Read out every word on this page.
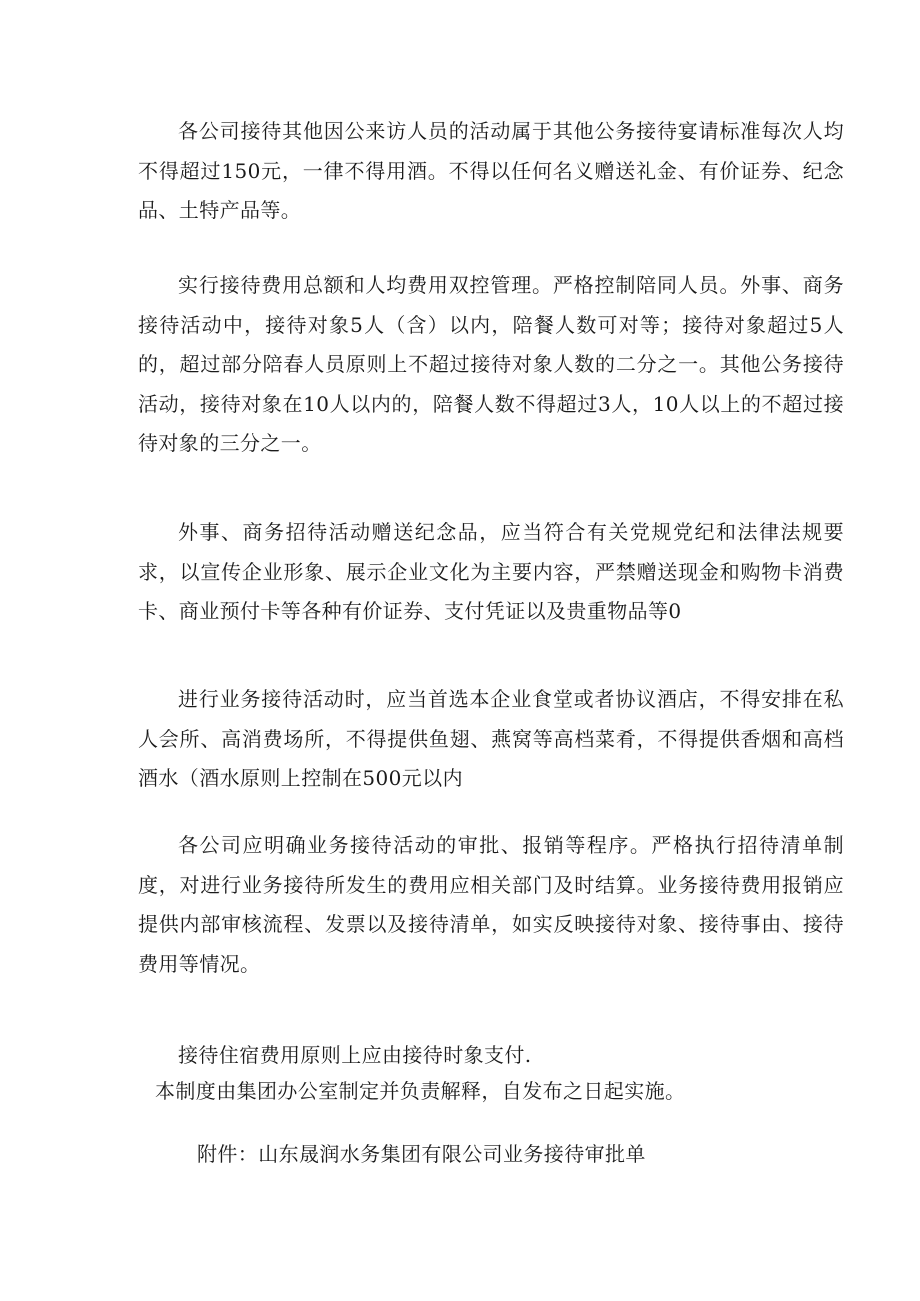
各公司接待其他因公来访人员的活动属于其他公务接待宴请标准每次人均不得超过150元，一律不得用酒。不得以任何名义赠送礼金、有价证券、纪念品、土特产品等。

实行接待费用总额和人均费用双控管理。严格控制陪同人员。外事、商务接待活动中，接待对象5人（含）以内，陪餐人数可对等；接待对象超过5人的，超过部分陪春人员原则上不超过接待对象人数的二分之一。其他公务接待活动，接待对象在10人以内的，陪餐人数不得超过3人，10人以上的不超过接待对象的三分之一。

外事、商务招待活动赠送纪念品，应当符合有关党规党纪和法律法规要求，以宣传企业形象、展示企业文化为主要内容，严禁赠送现金和购物卡消费卡、商业预付卡等各种有价证券、支付凭证以及贵重物品等0

进行业务接待活动时，应当首选本企业食堂或者协议酒店，不得安排在私人会所、高消费场所，不得提供鱼翅、燕窝等高档菜肴，不得提供香烟和高档酒水（酒水原则上控制在500元以内

各公司应明确业务接待活动的审批、报销等程序。严格执行招待清单制度，对进行业务接待所发生的费用应相关部门及时结算。业务接待费用报销应提供内部审核流程、发票以及接待清单，如实反映接待对象、接待事由、接待费用等情况。

接待住宿费用原则上应由接待时象支付.

本制度由集团办公室制定并负责解释，自发布之日起实施。

附件：山东晟润水务集团有限公司业务接待审批单
